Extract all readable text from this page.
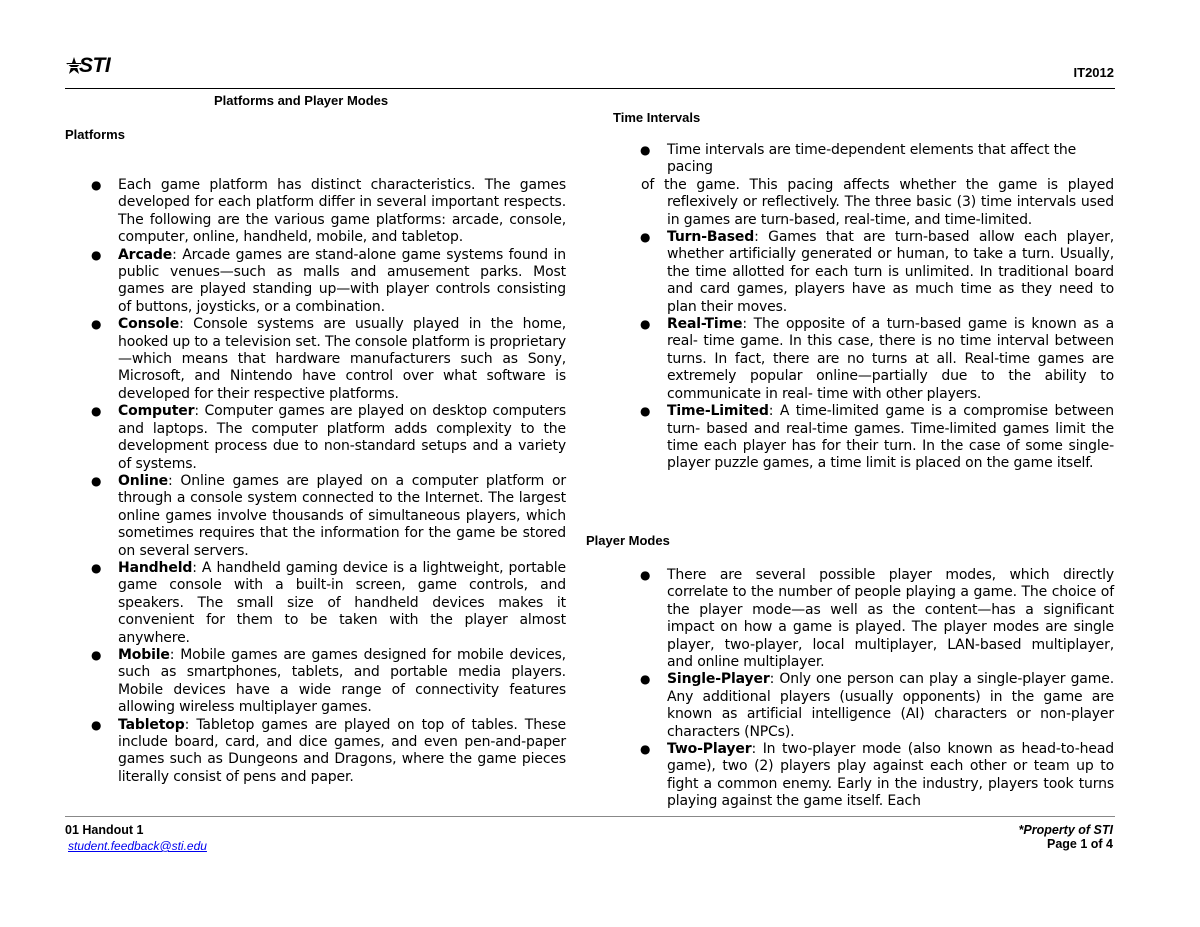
STI	IT2012
Platforms and Player Modes
Platforms
● Each game platform has distinct characteristics. The games developed for each platform differ in several important respects. The following are the various game platforms: arcade, console, computer, online, handheld, mobile, and tabletop.
● Arcade: Arcade games are stand-alone game systems found in public venues—such as malls and amusement parks. Most games are played standing up—with player controls consisting of buttons, joysticks, or a combination.
● Console: Console systems are usually played in the home, hooked up to a television set. The console platform is proprietary—which means that hardware manufacturers such as Sony, Microsoft, and Nintendo have control over what software is developed for their respective platforms.
● Computer: Computer games are played on desktop computers and laptops. The computer platform adds complexity to the development process due to non-standard setups and a variety of systems.
● Online: Online games are played on a computer platform or through a console system connected to the Internet. The largest online games involve thousands of simultaneous players, which sometimes requires that the information for the game be stored on several servers.
● Handheld: A handheld gaming device is a lightweight, portable game console with a built-in screen, game controls, and speakers. The small size of handheld devices makes it convenient for them to be taken with the player almost anywhere.
● Mobile: Mobile games are games designed for mobile devices, such as smartphones, tablets, and portable media players. Mobile devices have a wide range of connectivity features allowing wireless multiplayer games.
● Tabletop: Tabletop games are played on top of tables. These include board, card, and dice games, and even pen-and-paper games such as Dungeons and Dragons, where the game pieces literally consist of pens and paper.
Time Intervals
● Time intervals are time-dependent elements that affect the pacing
of the game. This pacing affects whether the game is played reflexively or reflectively. The three basic (3) time intervals used in games are turn-based, real-time, and time-limited.
● Turn-Based: Games that are turn-based allow each player, whether artificially generated or human, to take a turn. Usually, the time allotted for each turn is unlimited. In traditional board and card games, players have as much time as they need to plan their moves.
● Real-Time: The opposite of a turn-based game is known as a real- time game. In this case, there is no time interval between turns. In fact, there are no turns at all. Real-time games are extremely popular online—partially due to the ability to communicate in real- time with other players.
● Time-Limited: A time-limited game is a compromise between turn- based and real-time games. Time-limited games limit the time each player has for their turn. In the case of some single-player puzzle games, a time limit is placed on the game itself.
Player Modes
● There are several possible player modes, which directly correlate to the number of people playing a game. The choice of the player mode—as well as the content—has a significant impact on how a game is played. The player modes are single player, two-player, local multiplayer, LAN-based multiplayer, and online multiplayer.
● Single-Player: Only one person can play a single-player game. Any additional players (usually opponents) in the game are known as artificial intelligence (AI) characters or non-player characters (NPCs).
● Two-Player: In two-player mode (also known as head-to-head game), two (2) players play against each other or team up to fight a common enemy. Early in the industry, players took turns playing against the game itself. Each
01 Handout 1
student.feedback@sti.edu
*Property of STI
Page 1 of 4
